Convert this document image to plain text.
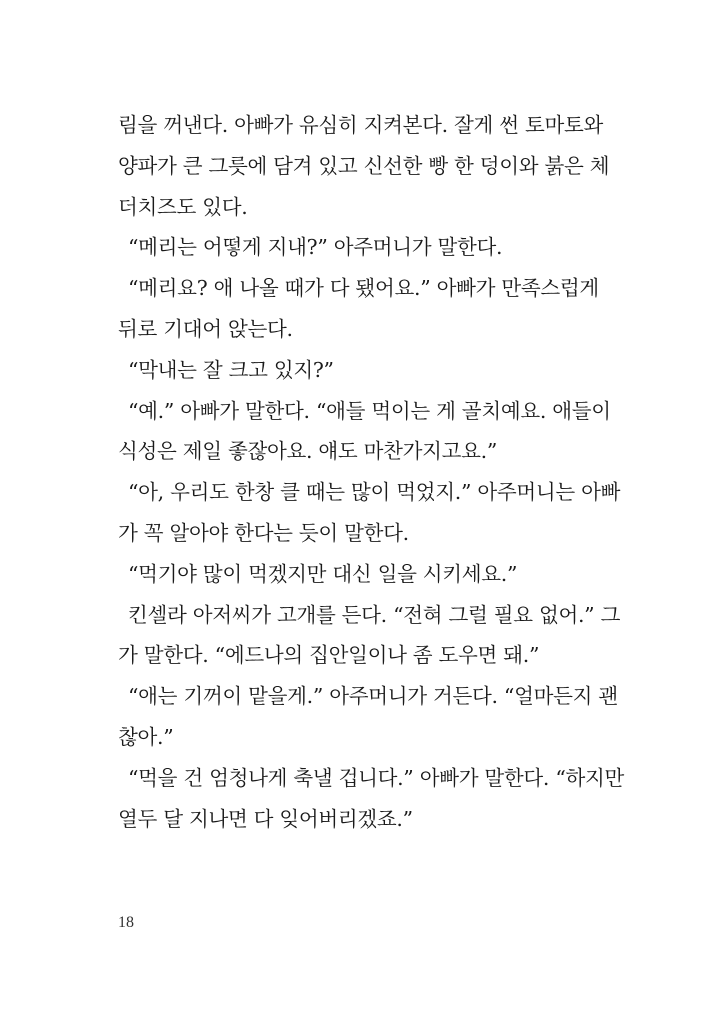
림을 꺼낸다. 아빠가 유심히 지켜본다. 잘게 썬 토마토와
양파가 큰 그릇에 담겨 있고 신선한 빵 한 덩이와 붉은 체
더치즈도 있다.
“메리는 어떻게 지내?” 아주머니가 말한다.
“메리요? 애 나올 때가 다 됐어요.” 아빠가 만족스럽게
뒤로 기대어 앉는다.
“막내는 잘 크고 있지?”
“예.” 아빠가 말한다. “애들 먹이는 게 골치예요. 애들이
식성은 제일 좋잖아요. 얘도 마찬가지고요.”
“아, 우리도 한창 클 때는 많이 먹었지.” 아주머니는 아빠
가 꼭 알아야 한다는 듯이 말한다.
“먹기야 많이 먹겠지만 대신 일을 시키세요.”
킨셀라 아저씨가 고개를 든다. “전혀 그럴 필요 없어.” 그
가 말한다. “에드나의 집안일이나 좀 도우면 돼.”
“애는 기꺼이 맡을게.” 아주머니가 거든다. “얼마든지 괜
찮아.”
“먹을 건 엄청나게 축낼 겁니다.” 아빠가 말한다. “하지만
열두 달 지나면 다 잊어버리겠죠.”
18
